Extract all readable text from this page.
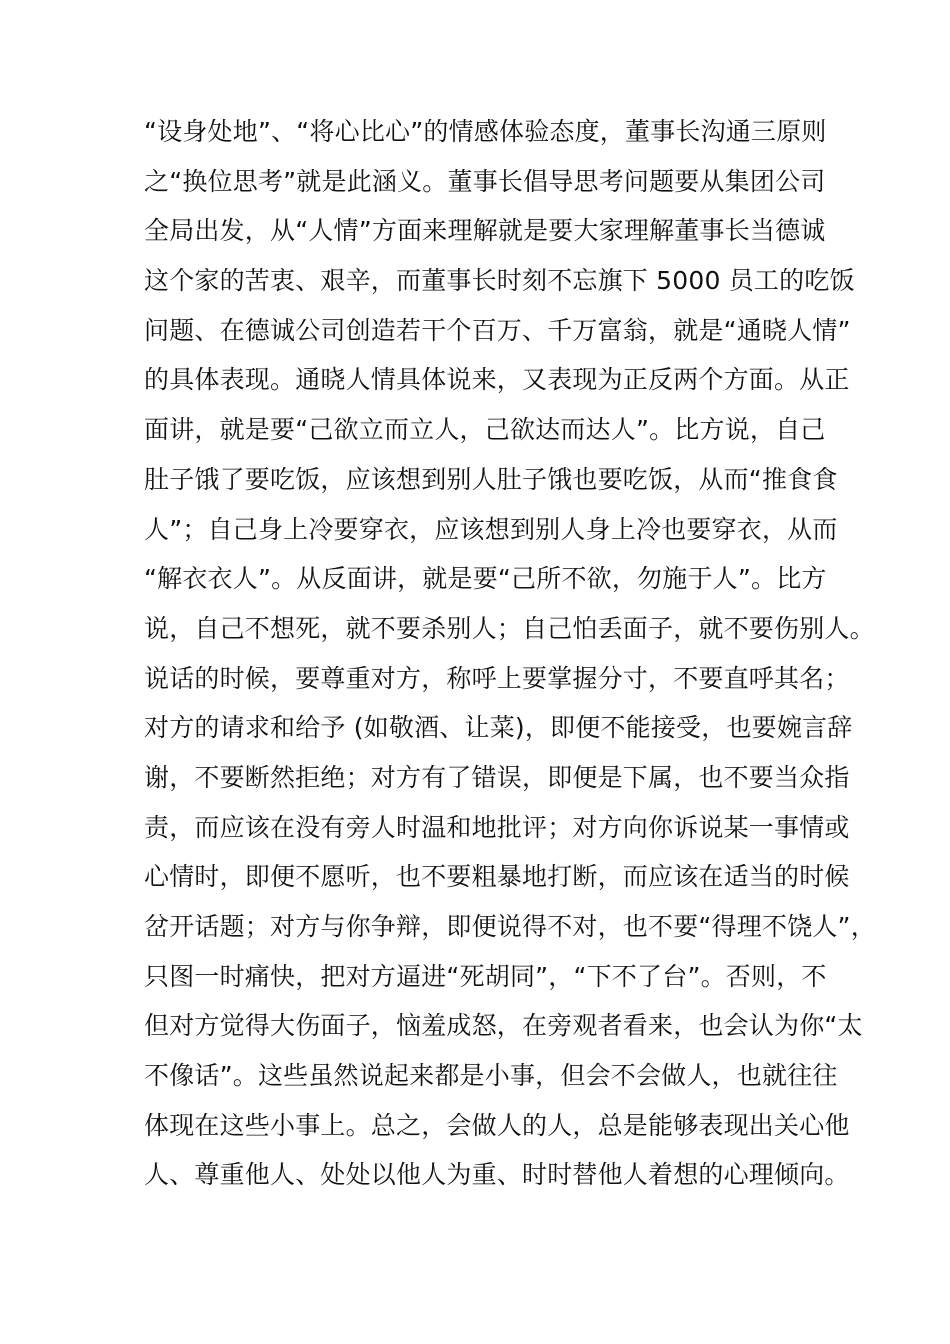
“设身处地”、“将心比心”的情感体验态度，董事长沟通三原则
之“换位思考”就是此涵义。董事长倡导思考问题要从集团公司
全局出发，从“人情”方面来理解就是要大家理解董事长当德诚
这个家的苦衷、艰辛，而董事长时刻不忘旗下 5000 员工的吃饭
问题、在德诚公司创造若干个百万、千万富翁，就是“通晓人情”
的具体表现。通晓人情具体说来，又表现为正反两个方面。从正
面讲，就是要“己欲立而立人，己欲达而达人”。比方说，自己
肚子饿了要吃饭，应该想到别人肚子饿也要吃饭，从而“推食食
人”；自己身上冷要穿衣，应该想到别人身上冷也要穿衣，从而
“解衣衣人”。从反面讲，就是要“己所不欲，勿施于人”。比方
说，自己不想死，就不要杀别人；自己怕丢面子，就不要伤别人。
说话的时候，要尊重对方，称呼上要掌握分寸，不要直呼其名；
对方的请求和给予 (如敬酒、让菜)，即便不能接受，也要婉言辞
谢，不要断然拒绝；对方有了错误，即便是下属，也不要当众指
责，而应该在没有旁人时温和地批评；对方向你诉说某一事情或
心情时，即便不愿听，也不要粗暴地打断，而应该在适当的时候
岔开话题；对方与你争辩，即便说得不对，也不要“得理不饶人”，
只图一时痛快，把对方逼进“死胡同”，“下不了台”。否则，不
但对方觉得大伤面子，恼羞成怒，在旁观者看来，也会认为你“太
不像话”。这些虽然说起来都是小事，但会不会做人，也就往往
体现在这些小事上。总之，会做人的人，总是能够表现出关心他
人、尊重他人、处处以他人为重、时时替他人着想的心理倾向。
